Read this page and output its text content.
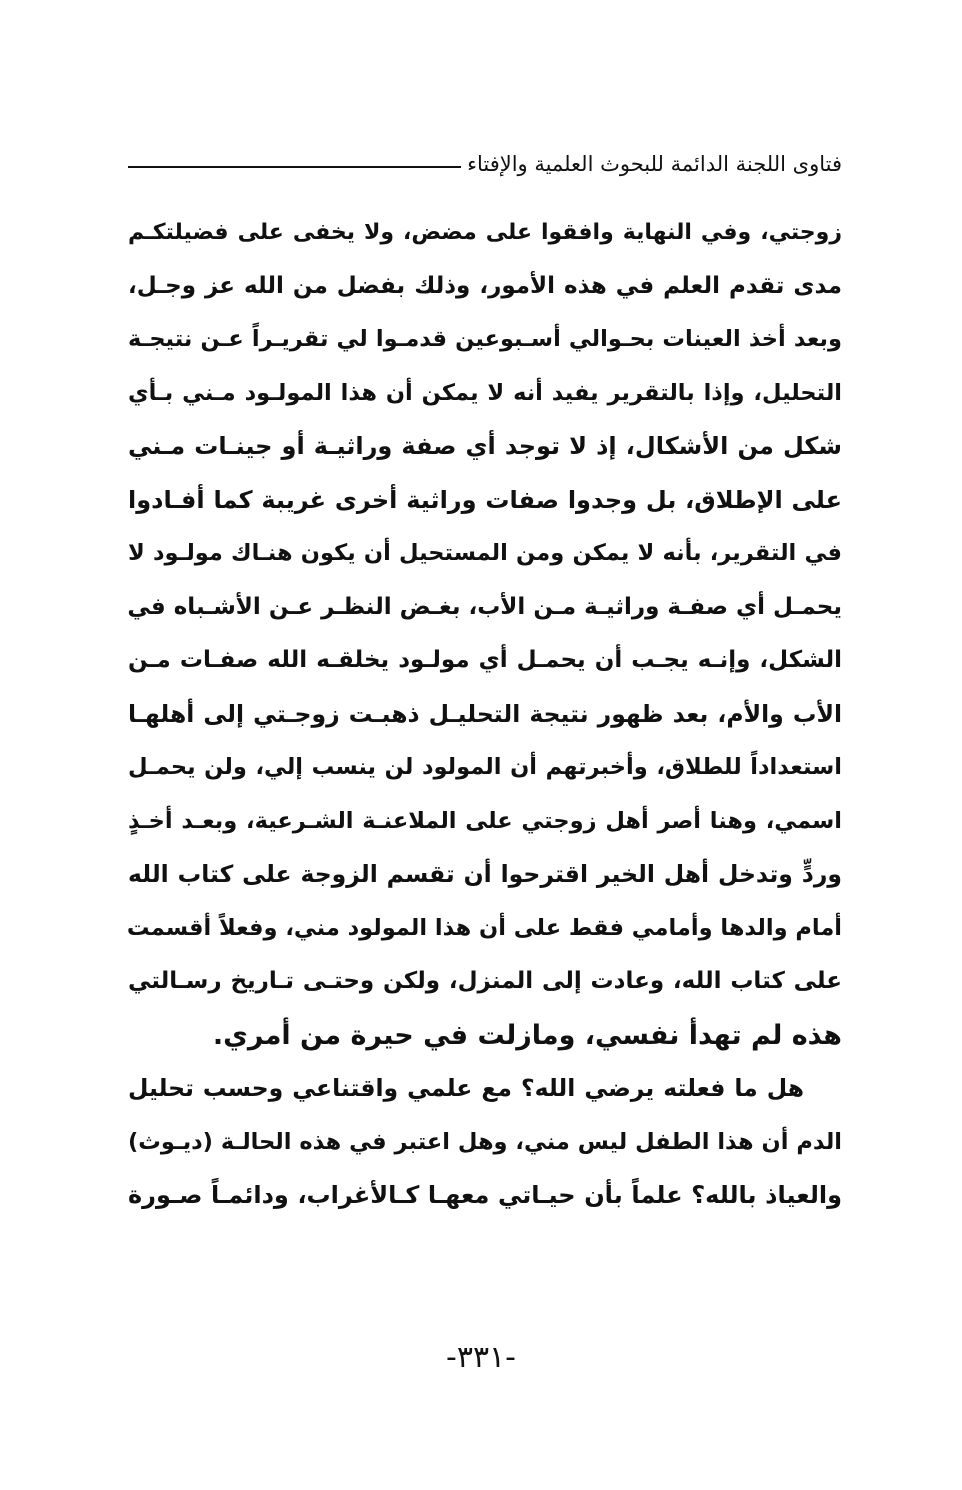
فتاوى اللجنة الدائمة للبحوث العلمية والإفتاء
زوجتي، وفي النهاية وافقوا على مضض، ولا يخفى على فضيلتكـم
مدى تقدم العلم في هذه الأمور، وذلك بفضل من الله عز وجـل،
وبعد أخذ العينات بحـوالي أسـبوعين قدمـوا لي تقريـراً عـن نتيجـة
التحليل، وإذا بالتقرير يفيد أنه لا يمكن أن هذا المولـود مـني بـأي
شكل من الأشكال، إذ لا توجد أي صفة وراثيـة أو جينـات مـني
على الإطلاق، بل وجدوا صفات وراثية أخرى غريبة كما أفـادوا
في التقرير، بأنه لا يمكن ومن المستحيل أن يكون هنـاك مولـود لا
يحمـل أي صفـة وراثيـة مـن الأب، بغـض النظـر عـن الأشـباه في
الشكل، وإنـه يجـب أن يحمـل أي مولـود يخلقـه الله صفـات مـن
الأب والأم، بعد ظهور نتيجة التحليـل ذهبـت زوجـتي إلى أهلهـا
استعداداً للطلاق، وأخبرتهم أن المولود لن ينسب إلي، ولن يحمـل
اسمي، وهنا أصر أهل زوجتي على الملاعنـة الشـرعية، وبعـد أخـذٍ
وردٍّ وتدخل أهل الخير اقترحوا أن تقسم الزوجة على كتاب الله
أمام والدها وأمامي فقط على أن هذا المولود مني، وفعلاً أقسمت
على كتاب الله، وعادت إلى المنزل، ولكن وحتـى تـاريخ رسـالتي
هذه لم تهدأ نفسي، ومازلت في حيرة من أمري.
هل ما فعلته يرضي الله؟ مع علمي واقتناعي وحسب تحليل
الدم أن هذا الطفل ليس مني، وهل اعتبر في هذه الحالـة (ديـوث)
والعياذ بالله؟ علماً بأن حيـاتي معهـا كـالأغراب، ودائمـاً صـورة
-٣٣١-
